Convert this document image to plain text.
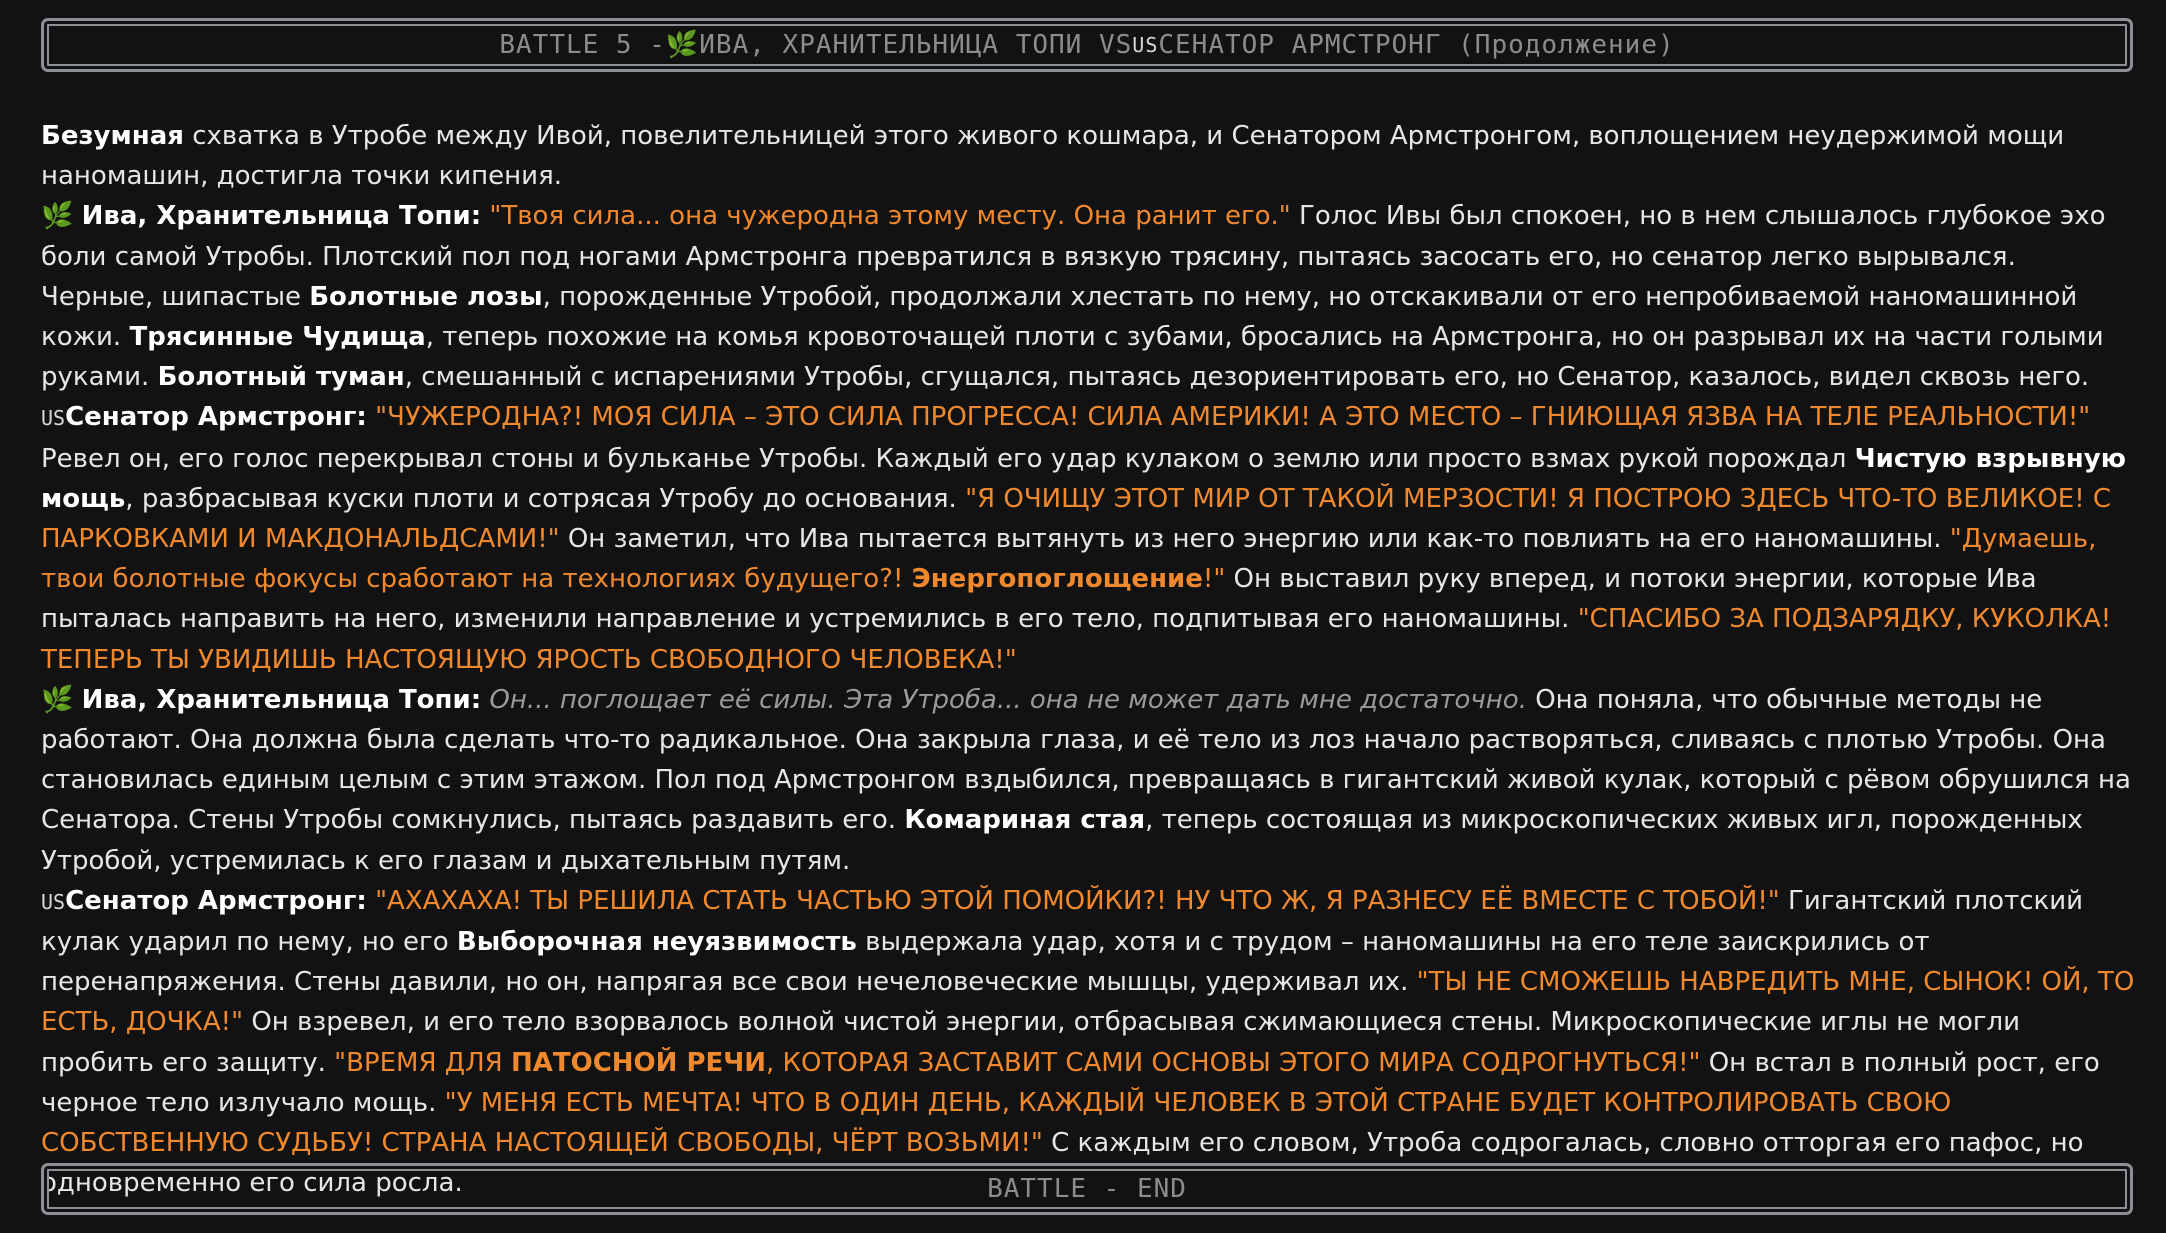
BATTLE 5 - 🌿 ИВА, ХРАНИТЕЛЬНИЦА ТОПИ VS US СЕНАТОР АРМСТРОНГ (Продолжение)

Безумная схватка в Утробе между Ивой, повелительницей этого живого кошмара, и Сенатором Армстронгом, воплощением неудержимой мощи наномашин, достигла точки кипения.

🌿 Ива, Хранительница Топи: "Твоя сила... она чужеродна этому месту. Она ранит его." Голос Ивы был спокоен, но в нем слышалось глубокое эхо боли самой Утробы. Плотский пол под ногами Армстронга превратился в вязкую трясину, пытаясь засосать его, но сенатор легко вырывался. Черные, шипастые Болотные лозы, порожденные Утробой, продолжали хлестать по нему, но отскакивали от его непробиваемой наномашинной кожи. Трясинные Чудища, теперь похожие на комья кровоточащей плоти с зубами, бросались на Армстронга, но он разрывал их на части голыми руками. Болотный туман, смешанный с испарениями Утробы, сгущался, пытаясь дезориентировать его, но Сенатор, казалось, видел сквозь него.

USСенатор Армстронг: "ЧУЖЕРОДНА?! МОЯ СИЛА – ЭТО СИЛА ПРОГРЕССА! СИЛА АМЕРИКИ! А ЭТО МЕСТО – ГНИЮЩАЯ ЯЗВА НА ТЕЛЕ РЕАЛЬНОСТИ!" Ревел он, его голос перекрывал стоны и бульканье Утробы. Каждый его удар кулаком о землю или просто взмах рукой порождал Чистую взрывную мощь, разбрасывая куски плоти и сотрясая Утробу до основания. "Я ОЧИЩУ ЭТОТ МИР ОТ ТАКОЙ МЕРЗОСТИ! Я ПОСТРОЮ ЗДЕСЬ ЧТО-ТО ВЕЛИКОЕ! С ПАРКОВКАМИ И МАКДОНАЛЬДСАМИ!" Он заметил, что Ива пытается вытянуть из него энергию или как-то повлиять на его наномашины. "Думаешь, твои болотные фокусы сработают на технологиях будущего?! Энергопоглощение!" Он выставил руку вперед, и потоки энергии, которые Ива пыталась направить на него, изменили направление и устремились в его тело, подпитывая его наномашины. "СПАСИБО ЗА ПОДЗАРЯДКУ, КУКОЛКА! ТЕПЕРЬ ТЫ УВИДИШЬ НАСТОЯЩУЮ ЯРОСТЬ СВОБОДНОГО ЧЕЛОВЕКА!"

🌿 Ива, Хранительница Топи: Он... поглощает её силы. Эта Утроба... она не может дать мне достаточно. Она поняла, что обычные методы не работают. Она должна была сделать что-то радикальное. Она закрыла глаза, и её тело из лоз начало растворяться, сливаясь с плотью Утробы. Она становилась единым целым с этим этажом. Пол под Армстронгом вздыбился, превращаясь в гигантский живой кулак, который с рёвом обрушился на Сенатора. Стены Утробы сомкнулись, пытаясь раздавить его. Комариная стая, теперь состоящая из микроскопических живых игл, порожденных Утробой, устремилась к его глазам и дыхательным путям.

USСенатор Армстронг: "АХАХАХА! ТЫ РЕШИЛА СТАТЬ ЧАСТЬЮ ЭТОЙ ПОМОЙКИ?! НУ ЧТО Ж, Я РАЗНЕСУ ЕЁ ВМЕСТЕ С ТОБОЙ!" Гигантский плотский кулак ударил по нему, но его Выборочная неуязвимость выдержала удар, хотя и с трудом – наномашины на его теле заискрились от перенапряжения. Стены давили, но он, напрягая все свои нечеловеческие мышцы, удерживал их. "ТЫ НЕ СМОЖЕШЬ НАВРЕДИТЬ МНЕ, СЫНОК! ОЙ, ТО ЕСТЬ, ДОЧКА!" Он взревел, и его тело взорвалось волной чистой энергии, отбрасывая сжимающиеся стены. Микроскопические иглы не могли пробить его защиту. "ВРЕМЯ ДЛЯ ПАТОСНОЙ РЕЧИ, КОТОРАЯ ЗАСТАВИТ САМИ ОСНОВЫ ЭТОГО МИРА СОДРОГНУТЬСЯ!" Он встал в полный рост, его черное тело излучало мощь. "У МЕНЯ ЕСТЬ МЕЧТА! ЧТО В ОДИН ДЕНЬ, КАЖДЫЙ ЧЕЛОВЕК В ЭТОЙ СТРАНЕ БУДЕТ КОНТРОЛИРОВАТЬ СВОЮ СОБСТВЕННУЮ СУДЬБУ! СТРАНА НАСТОЯЩЕЙ СВОБОДЫ, ЧЁРТ ВОЗЬМИ!" С каждым его словом, Утроба содрогалась, словно отторгая его пафос, но одновременно его сила росла.	BATTLE - END
